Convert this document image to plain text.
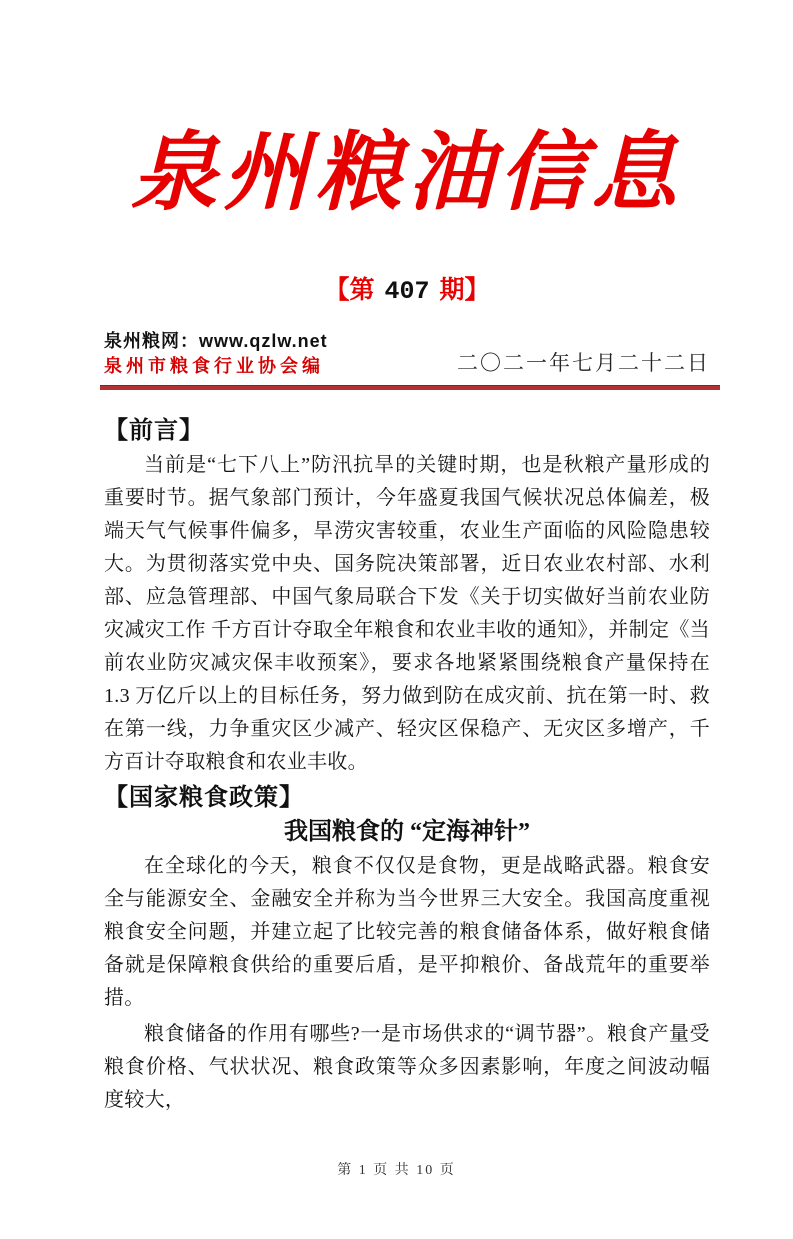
泉州粮油信息
【第 407 期】
泉州粮网：www.qzlw.net
泉州市粮食行业协会编	二〇二一年七月二十二日
【前言】

当前是“七下八上”防汛抗旱的关键时期，也是秋粮产量形成的重要时节。据气象部门预计，今年盛夏我国气候状况总体偏差，极端天气气候事件偏多，旱涝灾害较重，农业生产面临的风险隐患较大。为贯彻落实党中央、国务院决策部署，近日农业农村部、水利部、应急管理部、中国气象局联合下发《关于切实做好当前农业防灾减灾工作 千方百计夺取全年粮食和农业丰收的通知》，并制定《当前农业防灾减灾保丰收预案》，要求各地紧紧围绕粮食产量保持在 1.3 万亿斤以上的目标任务，努力做到防在成灾前、抗在第一时、救在第一线，力争重灾区少减产、轻灾区保稳产、无灾区多增产，千方百计夺取粮食和农业丰收。

【国家粮食政策】
我国粮食的 “定海神针”

在全球化的今天，粮食不仅仅是食物，更是战略武器。粮食安全与能源安全、金融安全并称为当今世界三大安全。我国高度重视粮食安全问题，并建立起了比较完善的粮食储备体系，做好粮食储备就是保障粮食供给的重要后盾，是平抑粮价、备战荒年的重要举措。

粮食储备的作用有哪些?一是市场供求的“调节器”。粮食产量受粮食价格、气状状况、粮食政策等众多因素影响，年度之间波动幅度较大，

第 1 页 共 10 页
